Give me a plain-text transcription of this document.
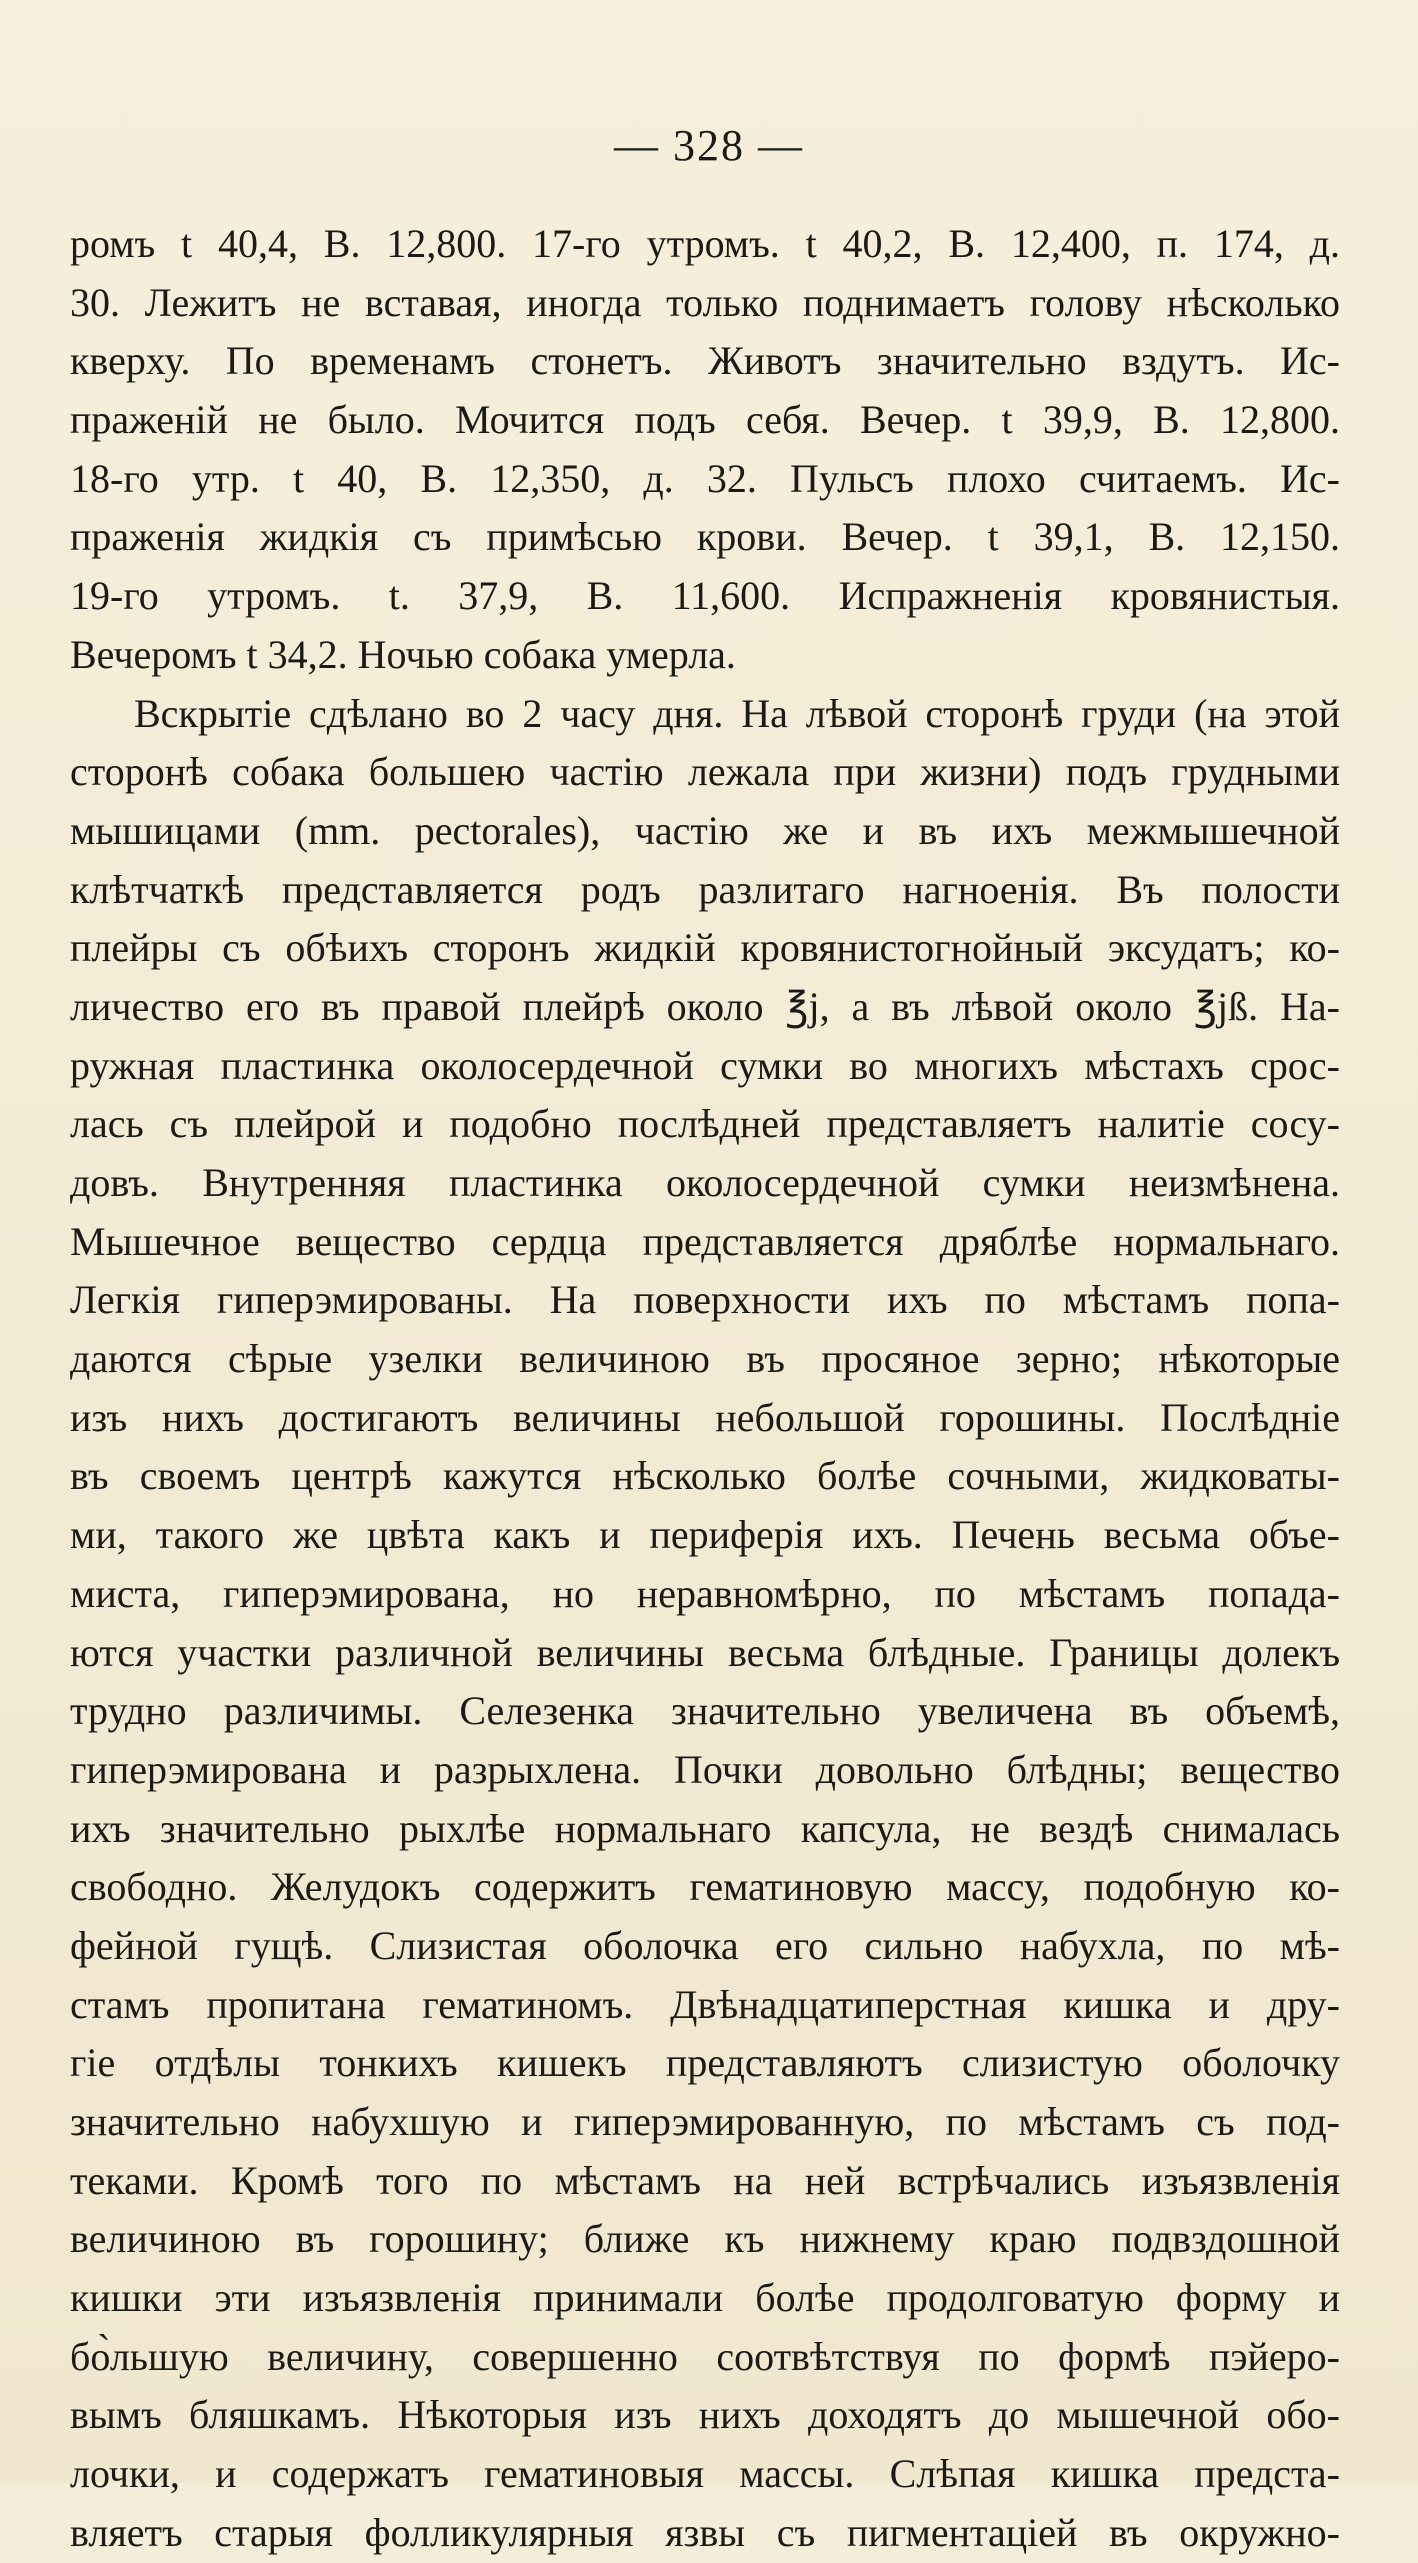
— 328 —
ромъ t 40,4, В. 12,800. 17-го утромъ. t 40,2, В. 12,400, п. 174, д.
30. Лежитъ не вставая, иногда только поднимаетъ голову нѣсколько
кверху. По временамъ стонетъ. Животъ значительно вздутъ. Ис-
праженiй не было. Мочится подъ себя. Вечер. t 39,9, В. 12,800.
18-го утр. t 40, В. 12,350, д. 32. Пульсъ плохо считаемъ. Ис-
праженiя жидкiя съ примѣсью крови. Вечер. t 39,1, В. 12,150.
19-го утромъ. t. 37,9, В. 11,600. Испражненiя кровянистыя.
Вечеромъ t 34,2. Ночью собака умерла.
Вскрытiе сдѣлано во 2 часу дня. На лѣвой сторонѣ груди (на этой
сторонѣ собака большею частiю лежала при жизни) подъ грудными
мышицами (mm. pectorales), частiю же и въ ихъ межмышечной
клѣтчаткѣ представляется родъ разлитаго нагноенiя. Въ полости
плейры съ обѣихъ сторонъ жидкiй кровянистогнойный эксудатъ; ко-
личество его въ правой плейрѣ около ℥j, а въ лѣвой около ℥jß. На-
ружная пластинка околосердечной сумки во многихъ мѣстахъ срос-
лась съ плейрой и подобно послѣдней представляетъ налитiе сосу-
довъ. Внутренняя пластинка околосердечной сумки неизмѣнена.
Мышечное вещество сердца представляется дряблѣе нормальнаго.
Легкiя гиперэмированы. На поверхности ихъ по мѣстамъ попа-
даются сѣрые узелки величиною въ просяное зерно; нѣкоторые
изъ нихъ достигаютъ величины небольшой горошины. Послѣднiе
въ своемъ центрѣ кажутся нѣсколько болѣе сочными, жидковаты-
ми, такого же цвѣта какъ и периферiя ихъ. Печень весьма объе-
миста, гиперэмирована, но неравномѣрно, по мѣстамъ попада-
ются участки различной величины весьма блѣдные. Границы долекъ
трудно различимы. Селезенка значительно увеличена въ объемѣ,
гиперэмирована и разрыхлена. Почки довольно блѣдны; вещество
ихъ значительно рыхлѣе нормальнаго капсула, не вездѣ снималась
свободно. Желудокъ содержитъ гематиновую массу, подобную ко-
фейной гущѣ. Слизистая оболочка его сильно набухла, по мѣ-
стамъ пропитана гематиномъ. Двѣнадцатиперстная кишка и дру-
гiе отдѣлы тонкихъ кишекъ представляютъ слизистую оболочку
значительно набухшую и гиперэмированную, по мѣстамъ съ под-
теками. Кромѣ того по мѣстамъ на ней встрѣчались изъязвленiя
величиною въ горошину; ближе къ нижнему краю подвздошной
кишки эти изъязвленiя принимали болѣе продолговатую форму и
бо̀льшую величину, совершенно соотвѣтствуя по формѣ пэйеро-
вымъ бляшкамъ. Нѣкоторыя изъ нихъ доходятъ до мышечной обо-
лочки, и содержатъ гематиновыя массы. Слѣпая кишка предста-
вляетъ старыя фолликулярныя язвы съ пигментацiей въ окружно-
